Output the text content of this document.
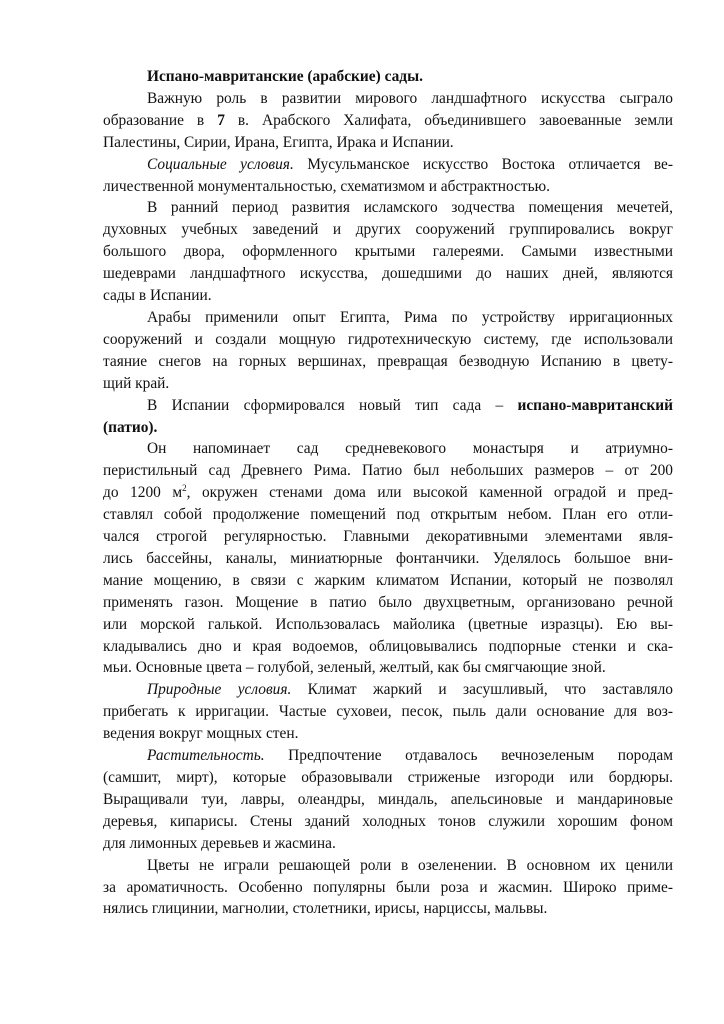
Испано-мавританские (арабские) сады.
Важную роль в развитии мирового ландшафтного искусства сыграло
образование в 7 в. Арабского Халифата, объединившего завоеванные земли
Палестины, Сирии, Ирана, Египта, Ирака и Испании.
Социальные условия. Мусульманское искусство Востока отличается ве-
личественной монументальностью, схематизмом и абстрактностью.
В ранний период развития исламского зодчества помещения мечетей,
духовных учебных заведений и других сооружений группировались вокруг
большого двора, оформленного крытыми галереями. Самыми известными
шедеврами ландшафтного искусства, дошедшими до наших дней, являются
сады в Испании.
Арабы применили опыт Египта, Рима по устройству ирригационных
сооружений и создали мощную гидротехническую систему, где использовали
таяние снегов на горных вершинах, превращая безводную Испанию в цвету-
щий край.
В Испании сформировался новый тип сада – испано-мавританский
(патио).
Он напоминает сад средневекового монастыря и атриумно-
перистильный сад Древнего Рима. Патио был небольших размеров – от 200
до 1200 $м^2$, окружен стенами дома или высокой каменной оградой и пред-
ставлял собой продолжение помещений под открытым небом. План его отли-
чался строгой регулярностью. Главными декоративными элементами явля-
лись бассейны, каналы, миниатюрные фонтанчики. Уделялось большое вни-
мание мощению, в связи с жарким климатом Испании, который не позволял
применять газон. Мощение в патио было двухцветным, организовано речной
или морской галькой. Использовалась майолика (цветные изразцы). Ею вы-
кладывались дно и края водоемов, облицовывались подпорные стенки и ска-
мьи. Основные цвета – голубой, зеленый, желтый, как бы смягчающие зной.
Природные условия. Климат жаркий и засушливый, что заставляло
прибегать к ирригации. Частые суховеи, песок, пыль дали основание для воз-
ведения вокруг мощных стен.
Растительность. Предпочтение отдавалось вечнозеленым породам
(самшит, мирт), которые образовывали стриженые изгороди или бордюры.
Выращивали туи, лавры, олеандры, миндаль, апельсиновые и мандариновые
деревья, кипарисы. Стены зданий холодных тонов служили хорошим фоном
для лимонных деревьев и жасмина.
Цветы не играли решающей роли в озеленении. В основном их ценили
за ароматичность. Особенно популярны были роза и жасмин. Широко приме-
нялись глицинии, магнолии, столетники, ирисы, нарциссы, мальвы.
